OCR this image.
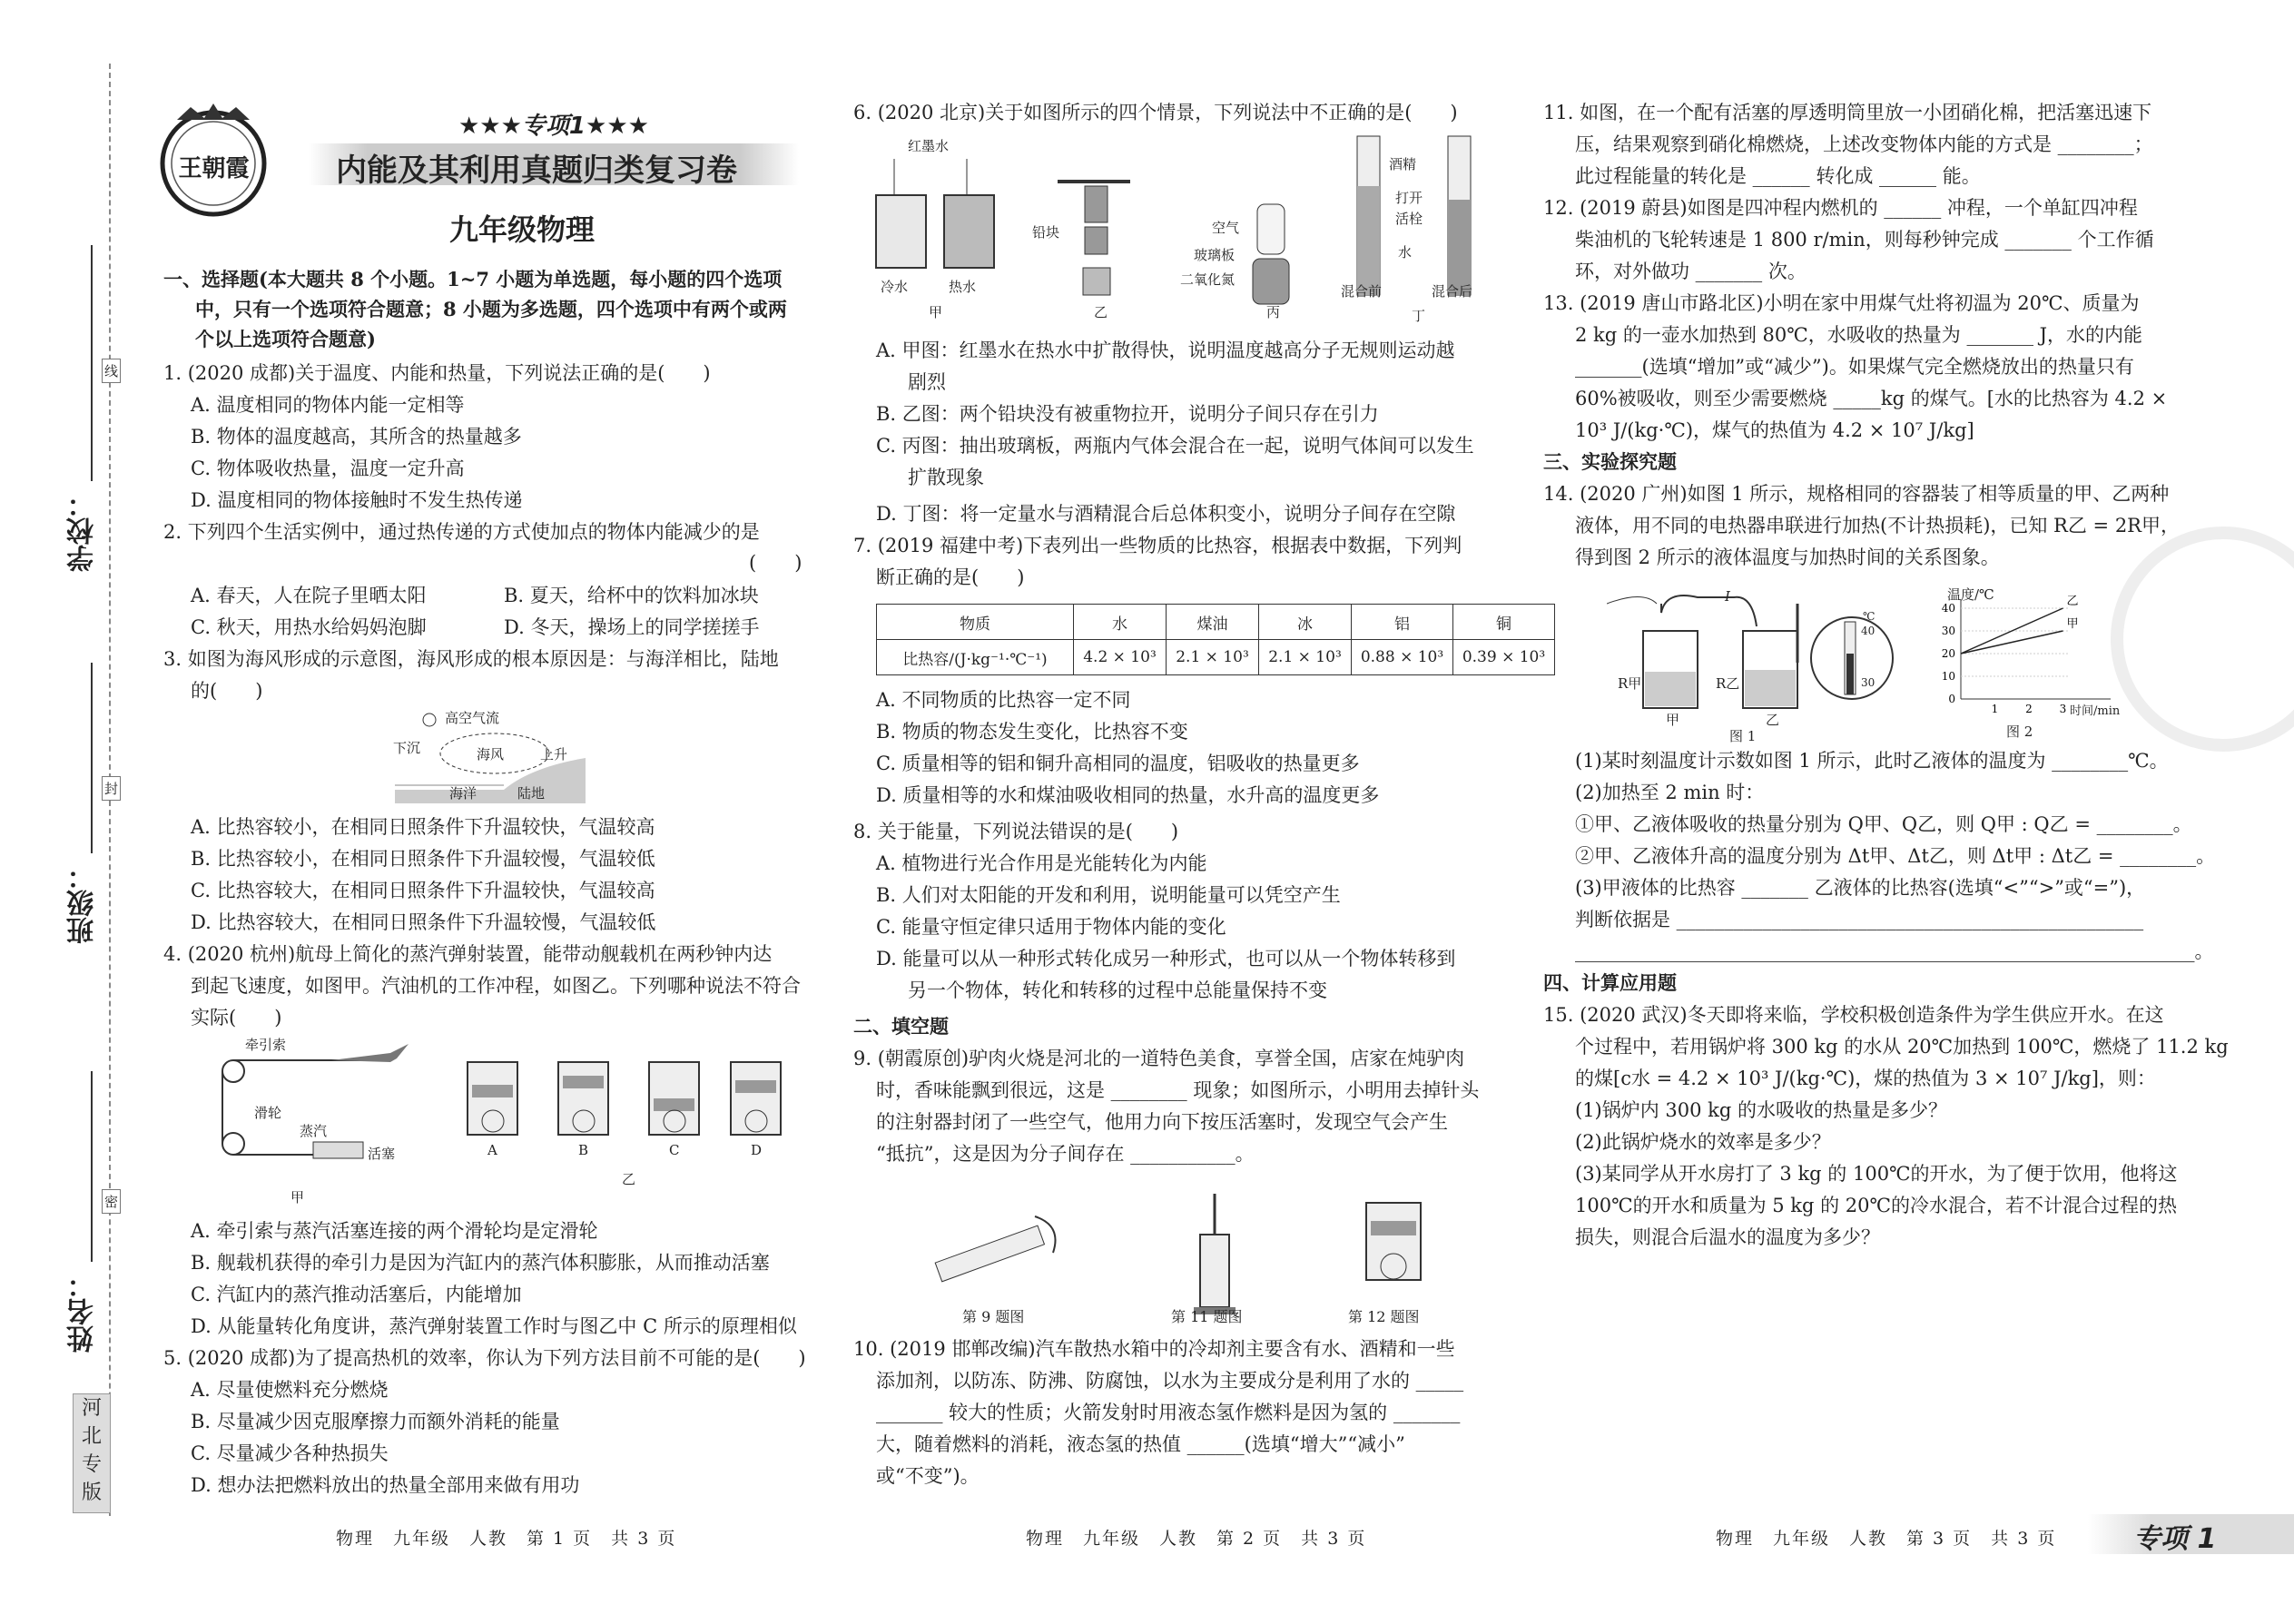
学校：
班级：
姓名：
线
封
密
河
北
专
版
王朝霞
★★★专项1★★★
内能及其利用真题归类复习卷
九年级物理
一、选择题(本大题共 8 个小题。1~7 小题为单选题，每小题的四个选项
中，只有一个选项符合题意；8 小题为多选题，四个选项中有两个或两
个以上选项符合题意)
1. (2020 成都)关于温度、内能和热量，下列说法正确的是(　　)
A. 温度相同的物体内能一定相等
B. 物体的温度越高，其所含的热量越多
C. 物体吸收热量，温度一定升高
D. 温度相同的物体接触时不发生热传递
2. 下列四个生活实例中，通过热传递的方式使加点的物体内能减少的是
(　　)
A. 春天，人在院子里晒太阳	B. 夏天，给杯中的饮料加冰块
C. 秋天，用热水给妈妈泡脚	D. 冬天，操场上的同学搓搓手
3. 如图为海风形成的示意图，海风形成的根本原因是：与海洋相比，陆地
的(　　)
高空气流
下沉	海风	上升
海洋	陆地
A. 比热容较小，在相同日照条件下升温较快，气温较高
B. 比热容较小，在相同日照条件下升温较慢，气温较低
C. 比热容较大，在相同日照条件下升温较快，气温较高
D. 比热容较大，在相同日照条件下升温较慢，气温较低
4. (2020 杭州)航母上简化的蒸汽弹射装置，能带动舰载机在两秒钟内达
到起飞速度，如图甲。汽油机的工作冲程，如图乙。下列哪种说法不符合
实际(　　)
牵引索
滑轮
蒸汽
活塞
甲
A	B	C	D
乙
A. 牵引索与蒸汽活塞连接的两个滑轮均是定滑轮
B. 舰载机获得的牵引力是因为汽缸内的蒸汽体积膨胀，从而推动活塞
C. 汽缸内的蒸汽推动活塞后，内能增加
D. 从能量转化角度讲，蒸汽弹射装置工作时与图乙中 C 所示的原理相似
5. (2020 成都)为了提高热机的效率，你认为下列方法目前不可能的是(　　)
A. 尽量使燃料充分燃烧
B. 尽量减少因克服摩擦力而额外消耗的能量
C. 尽量减少各种热损失
D. 想办法把燃料放出的热量全部用来做有用功
物理　九年级　人教　第 1 页　共 3 页
6. (2020 北京)关于如图所示的四个情景，下列说法中不正确的是(　　)
红墨水
冷水	热水
甲
铅块
乙
空气
玻璃板
二氧化氮
丙
酒精
打开
活栓
水
混合前	混合后
丁
A. 甲图：红墨水在热水中扩散得快，说明温度越高分子无规则运动越
剧烈
B. 乙图：两个铅块没有被重物拉开，说明分子间只存在引力
C. 丙图：抽出玻璃板，两瓶内气体会混合在一起，说明气体间可以发生
扩散现象
D. 丁图：将一定量水与酒精混合后总体积变小，说明分子间存在空隙
7. (2019 福建中考)下表列出一些物质的比热容，根据表中数据，下列判
断正确的是(　　)
物质	水	煤油	冰	铝	铜
比热容/(J·kg⁻¹·℃⁻¹)	4.2 × 10³	2.1 × 10³	2.1 × 10³	0.88 × 10³	0.39 × 10³
A. 不同物质的比热容一定不同
B. 物质的物态发生变化，比热容不变
C. 质量相等的铝和铜升高相同的温度，铝吸收的热量更多
D. 质量相等的水和煤油吸收相同的热量，水升高的温度更多
8. 关于能量，下列说法错误的是(　　)
A. 植物进行光合作用是光能转化为内能
B. 人们对太阳能的开发和利用，说明能量可以凭空产生
C. 能量守恒定律只适用于物体内能的变化
D. 能量可以从一种形式转化成另一种形式，也可以从一个物体转移到
另一个物体，转化和转移的过程中总能量保持不变
二、填空题
9. (朝霞原创)驴肉火烧是河北的一道特色美食，享誉全国，店家在炖驴肉
时，香味能飘到很远，这是 ________ 现象；如图所示，小明用去掉针头
的注射器封闭了一些空气，他用力向下按压活塞时，发现空气会产生
“抵抗”，这是因为分子间存在 ___________。
第 9 题图	第 11 题图	第 12 题图
10. (2019 邯郸改编)汽车散热水箱中的冷却剂主要含有水、酒精和一些
添加剂，以防冻、防沸、防腐蚀，以水为主要成分是利用了水的 _____
_______ 较大的性质；火箭发射时用液态氢作燃料是因为氢的 _______
大，随着燃料的消耗，液态氢的热值 ______(选填“增大”“减小”
或“不变”)。
物理　九年级　人教　第 2 页　共 3 页
11. 如图，在一个配有活塞的厚透明筒里放一小团硝化棉，把活塞迅速下
压，结果观察到硝化棉燃烧，上述改变物体内能的方式是 ________；
此过程能量的转化是 ______ 转化成 ______ 能。
12. (2019 蔚县)如图是四冲程内燃机的 ______ 冲程，一个单缸四冲程
柴油机的飞轮转速是 1 800 r/min，则每秒钟完成 _______ 个工作循
环，对外做功 _______ 次。
13. (2019 唐山市路北区)小明在家中用煤气灶将初温为 20℃、质量为
2 kg 的一壶水加热到 80℃，水吸收的热量为 _______ J，水的内能
_______(选填“增加”或“减少”)。如果煤气完全燃烧放出的热量只有
60%被吸收，则至少需要燃烧 _____kg 的煤气。[水的比热容为 4.2 ×
10³ J/(kg·℃)，煤气的热值为 4.2 × 10⁷ J/kg]
三、实验探究题
14. (2020 广州)如图 1 所示，规格相同的容器装了相等质量的甲、乙两种
液体，用不同的电热器串联进行加热(不计热损耗)，已知 R乙 = 2R甲，
得到图 2 所示的液体温度与加热时间的关系图象。
R甲	R乙
I
甲	乙
图 1
40
30
℃
0
10
20
30
40
1 2 3
乙
甲
温度/℃
时间/min
图 2
(1)某时刻温度计示数如图 1 所示，此时乙液体的温度为 ________℃。
(2)加热至 2 min 时：
①甲、乙液体吸收的热量分别为 Q甲、Q乙，则 Q甲 : Q乙 = ________。
②甲、乙液体升高的温度分别为 Δt甲、Δt乙，则 Δt甲 : Δt乙 = ________。
(3)甲液体的比热容 _______ 乙液体的比热容(选填“<”“>”或“=”)，
判断依据是 _________________________________________________
_________________________________________________________________。
四、计算应用题
15. (2020 武汉)冬天即将来临，学校积极创造条件为学生供应开水。在这
个过程中，若用锅炉将 300 kg 的水从 20℃加热到 100℃，燃烧了 11.2 kg
的煤[c水 = 4.2 × 10³ J/(kg·℃)，煤的热值为 3 × 10⁷ J/kg]，则：
(1)锅炉内 300 kg 的水吸收的热量是多少？
(2)此锅炉烧水的效率是多少？
(3)某同学从开水房打了 3 kg 的 100℃的开水，为了便于饮用，他将这
100℃的开水和质量为 5 kg 的 20℃的冷水混合，若不计混合过程的热
损失，则混合后温水的温度为多少？
物理　九年级　人教　第 3 页　共 3 页	专项 1
